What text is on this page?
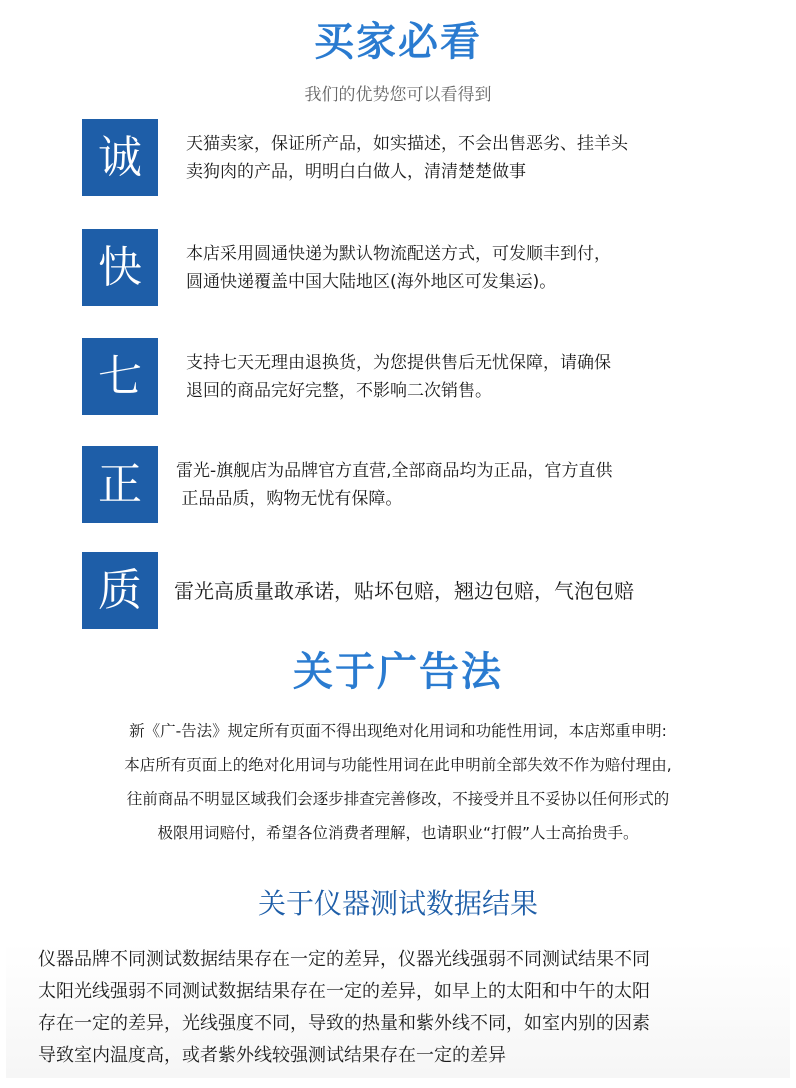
买家必看
我们的优势您可以看得到
诚	天猫卖家，保证所产品，如实描述，不会出售恶劣、挂羊头
卖狗肉的产品，明明白白做人，清清楚楚做事
快	本店采用圆通快递为默认物流配送方式，可发顺丰到付，
圆通快递覆盖中国大陆地区(海外地区可发集运)。
七	支持七天无理由退换货，为您提供售后无忧保障，请确保
退回的商品完好完整，不影响二次销售。
正	雷光-旗舰店为品牌官方直营,全部商品均为正品，官方直供
正品品质，购物无忧有保障。
质	雷光高质量敢承诺，贴坏包赔，翘边包赔，气泡包赔
关于广告法
新《广-告法》规定所有页面不得出现绝对化用词和功能性用词，本店郑重申明:
本店所有页面上的绝对化用词与功能性用词在此申明前全部失效不作为赔付理由,
往前商品不明显区域我们会逐步排查完善修改，不接受并且不妥协以任何形式的
极限用词赔付，希望各位消费者理解，也请职业“打假”人士高抬贵手。
关于仪器测试数据结果
仪器品牌不同测试数据结果存在一定的差异，仪器光线强弱不同测试结果不同
太阳光线强弱不同测试数据结果存在一定的差异，如早上的太阳和中午的太阳
存在一定的差异，光线强度不同，导致的热量和紫外线不同，如室内别的因素
导致室内温度高，或者紫外线较强测试结果存在一定的差异
